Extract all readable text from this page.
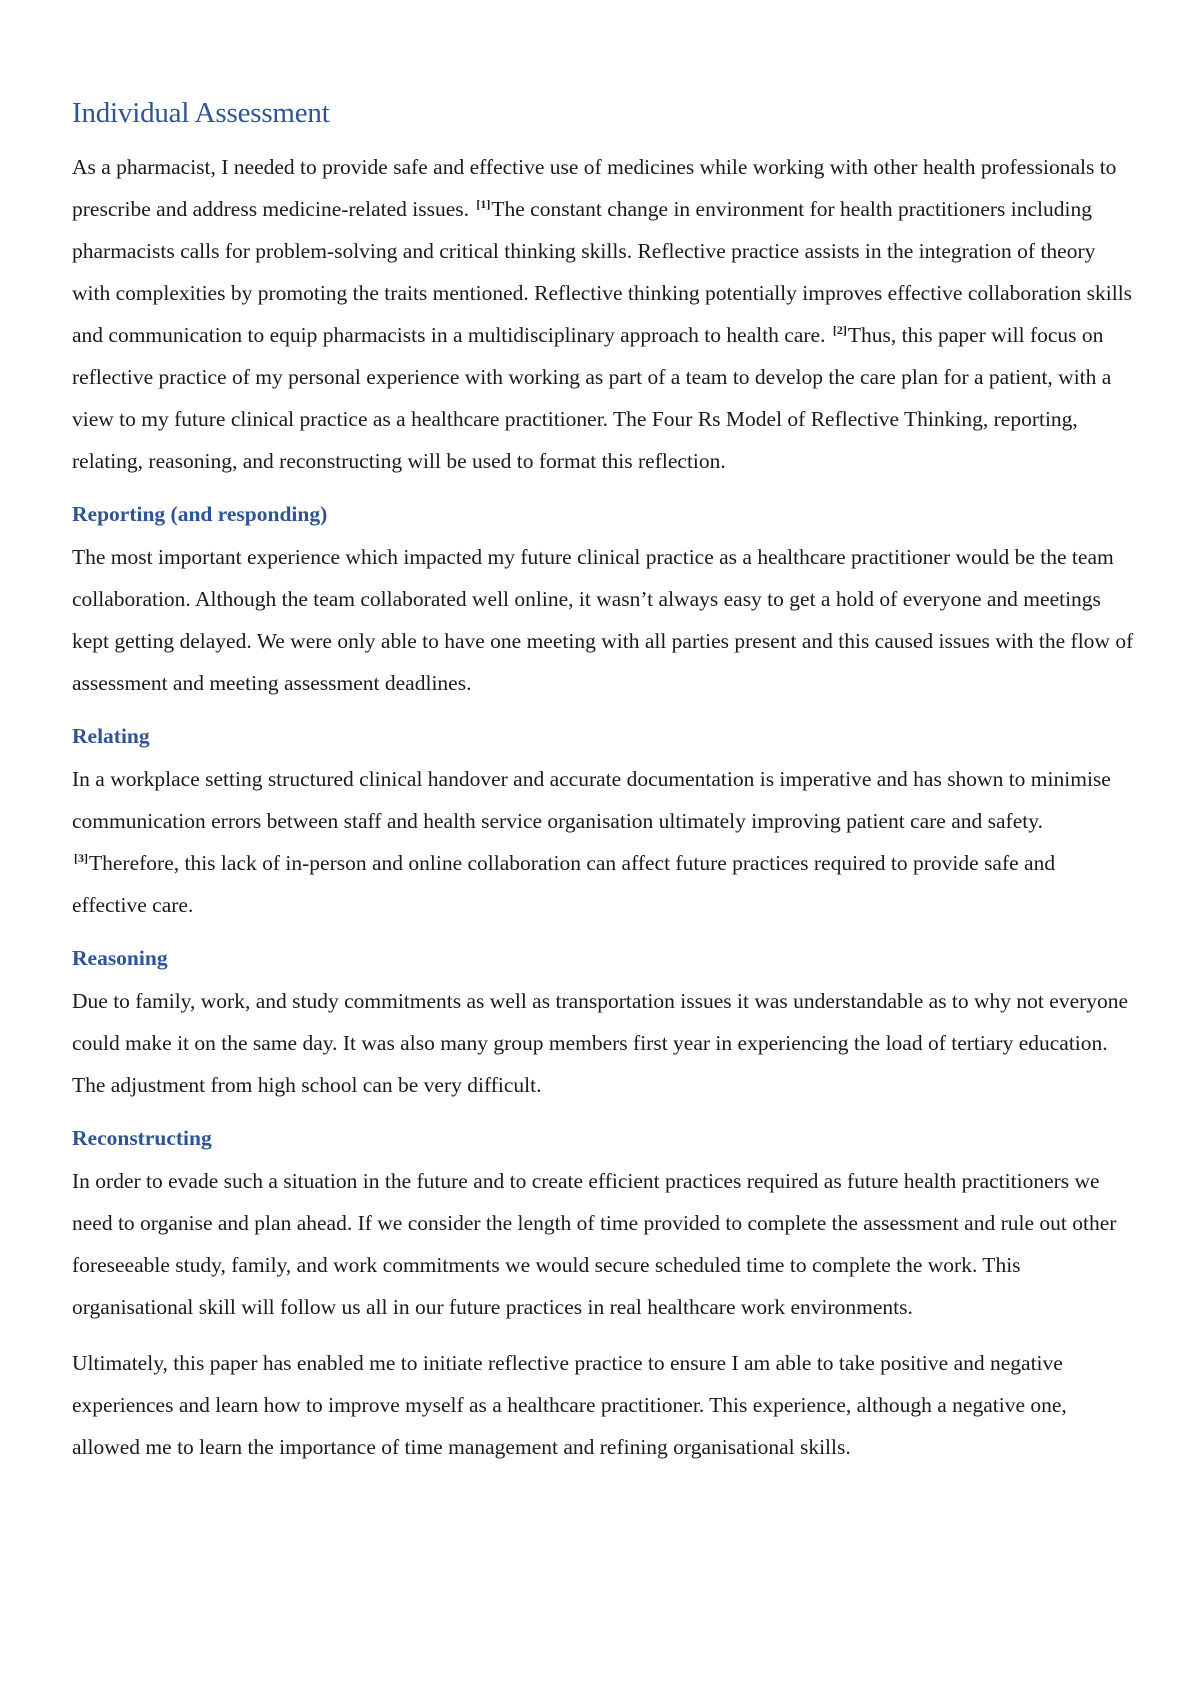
Individual Assessment

As a pharmacist, I needed to provide safe and effective use of medicines while working with other health professionals to prescribe and address medicine-related issues. [1]The constant change in environment for health practitioners including pharmacists calls for problem-solving and critical thinking skills. Reflective practice assists in the integration of theory with complexities by promoting the traits mentioned. Reflective thinking potentially improves effective collaboration skills and communication to equip pharmacists in a multidisciplinary approach to health care. [2]Thus, this paper will focus on reflective practice of my personal experience with working as part of a team to develop the care plan for a patient, with a view to my future clinical practice as a healthcare practitioner. The Four Rs Model of Reflective Thinking, reporting, relating, reasoning, and reconstructing will be used to format this reflection.

Reporting (and responding)

The most important experience which impacted my future clinical practice as a healthcare practitioner would be the team collaboration. Although the team collaborated well online, it wasn’t always easy to get a hold of everyone and meetings kept getting delayed. We were only able to have one meeting with all parties present and this caused issues with the flow of assessment and meeting assessment deadlines.

Relating

In a workplace setting structured clinical handover and accurate documentation is imperative and has shown to minimise communication errors between staff and health service organisation ultimately improving patient care and safety. [3]Therefore, this lack of in-person and online collaboration can affect future practices required to provide safe and effective care.

Reasoning

Due to family, work, and study commitments as well as transportation issues it was understandable as to why not everyone could make it on the same day. It was also many group members first year in experiencing the load of tertiary education. The adjustment from high school can be very difficult.

Reconstructing

In order to evade such a situation in the future and to create efficient practices required as future health practitioners we need to organise and plan ahead. If we consider the length of time provided to complete the assessment and rule out other foreseeable study, family, and work commitments we would secure scheduled time to complete the work. This organisational skill will follow us all in our future practices in real healthcare work environments.

Ultimately, this paper has enabled me to initiate reflective practice to ensure I am able to take positive and negative experiences and learn how to improve myself as a healthcare practitioner. This experience, although a negative one, allowed me to learn the importance of time management and refining organisational skills.
